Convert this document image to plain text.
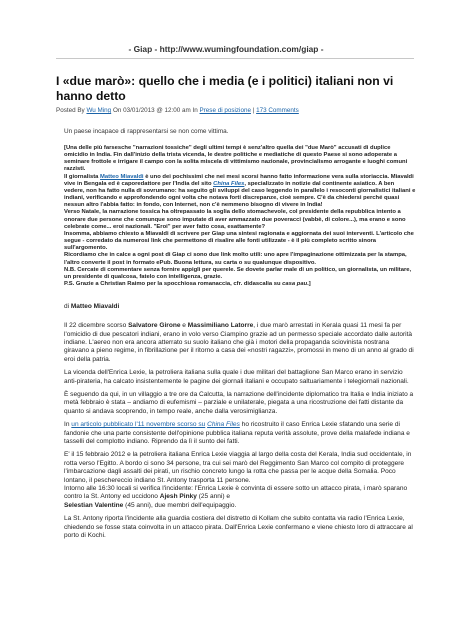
- Giap - http://www.wumingfoundation.com/giap -
I «due marò»: quello che i media (e i politici) italiani non vi hanno detto
Posted By Wu Ming On 03/01/2013 @ 12:00 am In Prese di posizione | 173 Comments
Un paese incapace di rappresentarsi se non come vittima.

[Una delle più farsesche "narrazioni tossiche" degli ultimi tempi è senz'altro quella dei "due Marò" accusati di duplice omicidio in India. Fin dall'inizio della trista vicenda, le destre politiche e mediatiche di questo Paese si sono adoperate a seminare frottole e irrigare il campo con la solita miscela di vittimismo nazionale, provincialismo arrogante e luoghi comuni razzisti.

Il giornalista Matteo Miavaldi è uno dei pochissimi che nei mesi scorsi hanno fatto informazione vera sulla storiaccia. Miavaldi vive in Bengala ed è caporedattore per l'India del sito China Files, specializzato in notizie dal continente asiatico. A ben vedere, non ha fatto nulla di sovrumano: ha seguito gli sviluppi del caso leggendo in parallelo i resoconti giornalistici italiani e indiani, verificando e approfondendo ogni volta che notava forti discrepanze, cioè sempre. C'è da chiedersi perché quasi nessun altro l'abbia fatto: in fondo, con Internet, non c'è nemmeno bisogno di vivere in India!

Verso Natale, la narrazione tossica ha oltrepassato la soglia dello stomachevole, col presidente della repubblica intento a onorare due persone che comunque sono imputate di aver ammazzato due poveracci (vabbè, di colore...), ma erano e sono celebrate come... eroi nazionali. "Eroi" per aver fatto cosa, esattamente?

Insomma, abbiamo chiesto a Miavaldi di scrivere per Giap una sintesi ragionata e aggiornata dei suoi interventi. L'articolo che segue - corredato da numerosi link che permettono di risalire alle fonti utilizzate - è il più completo scritto sinora sull'argomento.

Ricordiamo che in calce a ogni post di Giap ci sono due link molto utili: uno apre l'impaginazione ottimizzata per la stampa, l'altro converte il post in formato ePub. Buona lettura, su carta o su qualunque dispositivo.

N.B. Cercate di commentare senza fornire appigli per querele. Se dovete parlar male di un politico, un giornalista, un militare, un presidente di qualcosa, fatelo con intelligenza, grazie.

P.S. Grazie a Christian Raimo per la spocchiosa romanaccia, cfr. didascalia su casa pau.]

di Matteo Miavaldi

Il 22 dicembre scorso Salvatore Girone e Massimiliano Latorre, i due marò arrestati in Kerala quasi 11 mesi fa per l'omicidio di due pescatori indiani, erano in volo verso Ciampino grazie ad un permesso speciale accordato dalle autorità indiane. L'aereo non era ancora atterrato su suolo italiano che già i motori della propaganda sciovinista nostrana giravano a pieno regime, in fibrillazione per il ritorno a casa dei «nostri ragazzi», promossi in meno di un anno al grado di eroi della patria.

La vicenda dell'Enrica Lexie, la petroliera italiana sulla quale i due militari del battaglione San Marco erano in servizio anti-pirateria, ha calcato insistentemente le pagine dei giornali italiani e occupato saltuariamente i telegiornali nazionali.

È seguendo da qui, in un villaggio a tre ore da Calcutta, la narrazione dell'incidente diplomatico tra Italia e India iniziato a metà febbraio è stata – andiamo di eufemismi – parziale e unilaterale, piegata a una ricostruzione dei fatti distante da quanto si andava scoprendo, in tempo reale, anche dalla verosimiglianza.

In un articolo pubblicato l'11 novembre scorso su China Files ho ricostruito il caso Enrica Lexie sfatando una serie di fandonie che una parte consistente dell'opinione pubblica italiana reputa verità assolute, prove della malafede indiana e tasselli del complotto indiano. Riprendo da lì il sunto dei fatti.

E' il 15 febbraio 2012 e la petroliera italiana Enrica Lexie viaggia al largo della costa del Kerala, India sud occidentale, in rotta verso l'Egitto. A bordo ci sono 34 persone, tra cui sei marò del Reggimento San Marco col compito di proteggere l'imbarcazione dagli assalti dei pirati, un rischio concreto lungo la rotta che passa per le acque della Somalia. Poco lontano, il peschereccio indiano St. Antony trasporta 11 persone.
Intorno alle 16:30 locali si verifica l'incidente: l'Enrica Lexie è convinta di essere sotto un attacco pirata, i marò sparano contro la St. Antony ed uccidono Ajesh Pinky (25 anni) e
Selestian Valentine (45 anni), due membri dell'equipaggio.

La St. Antony riporta l'incidente alla guardia costiera del distretto di Kollam che subito contatta via radio l'Enrica Lexie, chiedendo se fosse stata coinvolta in un attacco pirata. Dall'Enrica Lexie confermano e viene chiesto loro di attraccare al porto di Kochi.
